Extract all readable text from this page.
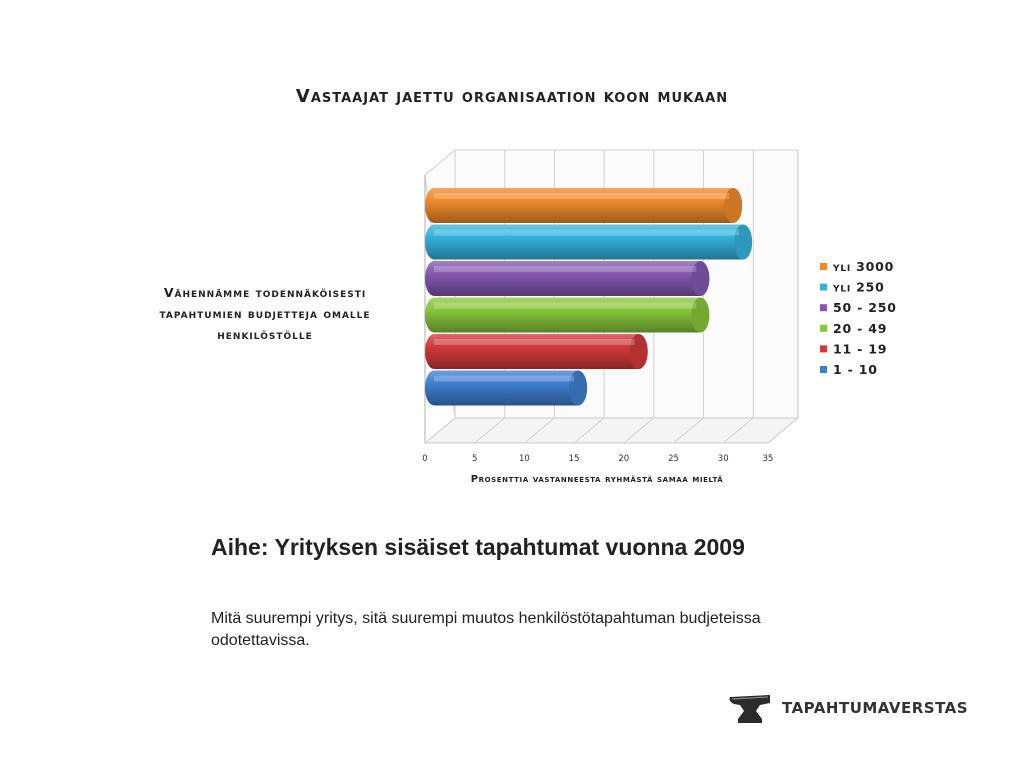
Vastaajat jaettu organisaation koon mukaan
Vähennämme todennäköisesti
tapahtumien budjetteja omalle
henkilöstölle
0	5	10	15	20	25	30	35
yli 3000
yli 250
50 - 250
20 - 49
11 - 19
1 - 10
Prosenttia vastanneesta ryhmästä samaa mieltä
Aihe: Yrityksen sisäiset tapahtumat vuonna 2009
Mitä suurempi yritys, sitä suurempi muutos henkilöstötapahtuman budjeteissa odotettavissa.
TAPAHTUMAVERSTAS
